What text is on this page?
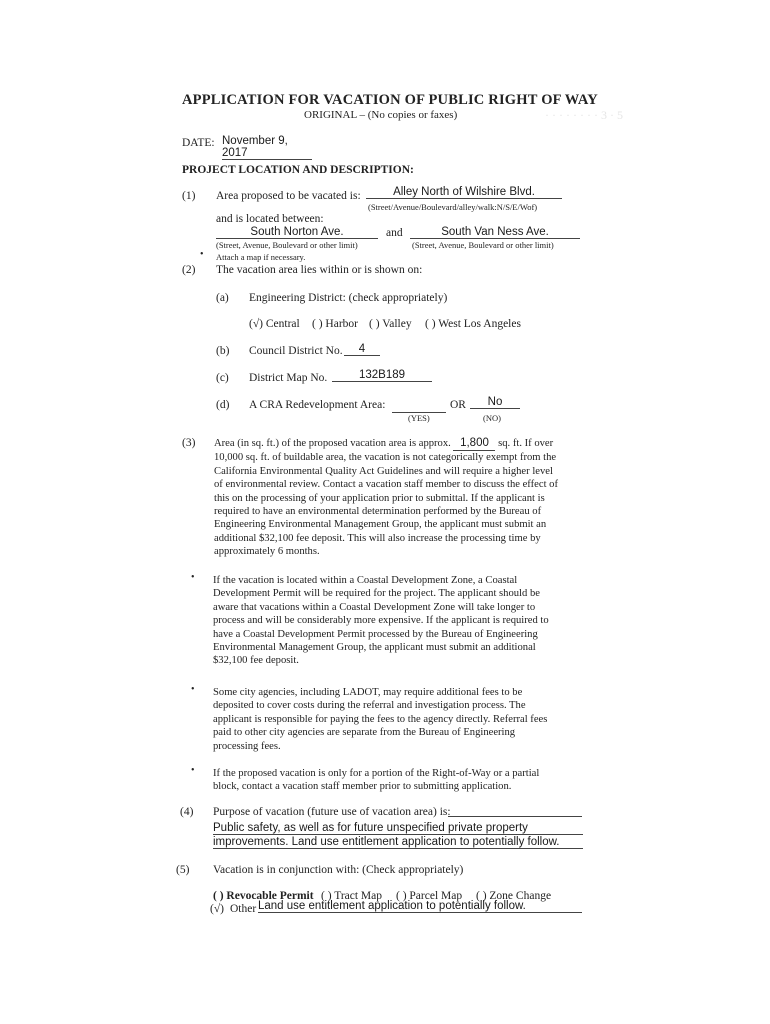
APPLICATION FOR VACATION OF PUBLIC RIGHT OF WAY
ORIGINAL – (No copies or faxes)	· · · · · · · · 3 · 5
DATE: November 9, 2017
PROJECT LOCATION AND DESCRIPTION:
(1) Area proposed to be vacated is:	Alley North of Wilshire Blvd.
(Street/Avenue/Boulevard/alley/walk:N/S/E/Wof)
and is located between:
South Norton Ave.	and	South Van Ness Ave.
(Street, Avenue, Boulevard or other limit)	(Street, Avenue, Boulevard or other limit)
• Attach a map if necessary.
(2) The vacation area lies within or is shown on:
(a) Engineering District: (check appropriately)
(√) Central ( ) Harbor ( ) Valley ( ) West Los Angeles
(b) Council District No.	4
(c) District Map No.	132B189
(d) A CRA Redevelopment Area:	OR	No
(YES)	(NO)
(3) Area (in sq. ft.) of the proposed vacation area is approx. 1,800 sq. ft. If over
10,000 sq. ft. of buildable area, the vacation is not categorically exempt from the
California Environmental Quality Act Guidelines and will require a higher level
of environmental review. Contact a vacation staff member to discuss the effect of
this on the processing of your application prior to submittal. If the applicant is
required to have an environmental determination performed by the Bureau of
Engineering Environmental Management Group, the applicant must submit an
additional $32,100 fee deposit. This will also increase the processing time by
approximately 6 months.
• If the vacation is located within a Coastal Development Zone, a Coastal
Development Permit will be required for the project. The applicant should be
aware that vacations within a Coastal Development Zone will take longer to
process and will be considerably more expensive. If the applicant is required to
have a Coastal Development Permit processed by the Bureau of Engineering
Environmental Management Group, the applicant must submit an additional
$32,100 fee deposit.
• Some city agencies, including LADOT, may require additional fees to be
deposited to cover costs during the referral and investigation process. The
applicant is responsible for paying the fees to the agency directly. Referral fees
paid to other city agencies are separate from the Bureau of Engineering
processing fees.
• If the proposed vacation is only for a portion of the Right-of-Way or a partial
block, contact a vacation staff member prior to submitting application.
(4) Purpose of vacation (future use of vacation area) is:
Public safety, as well as for future unspecified private property
improvements. Land use entitlement application to potentially follow.
(5) Vacation is in conjunction with: (Check appropriately)
( ) Revocable Permit ( ) Tract Map ( ) Parcel Map ( ) Zone Change
(√) Other Land use entitlement application to potentially follow.
